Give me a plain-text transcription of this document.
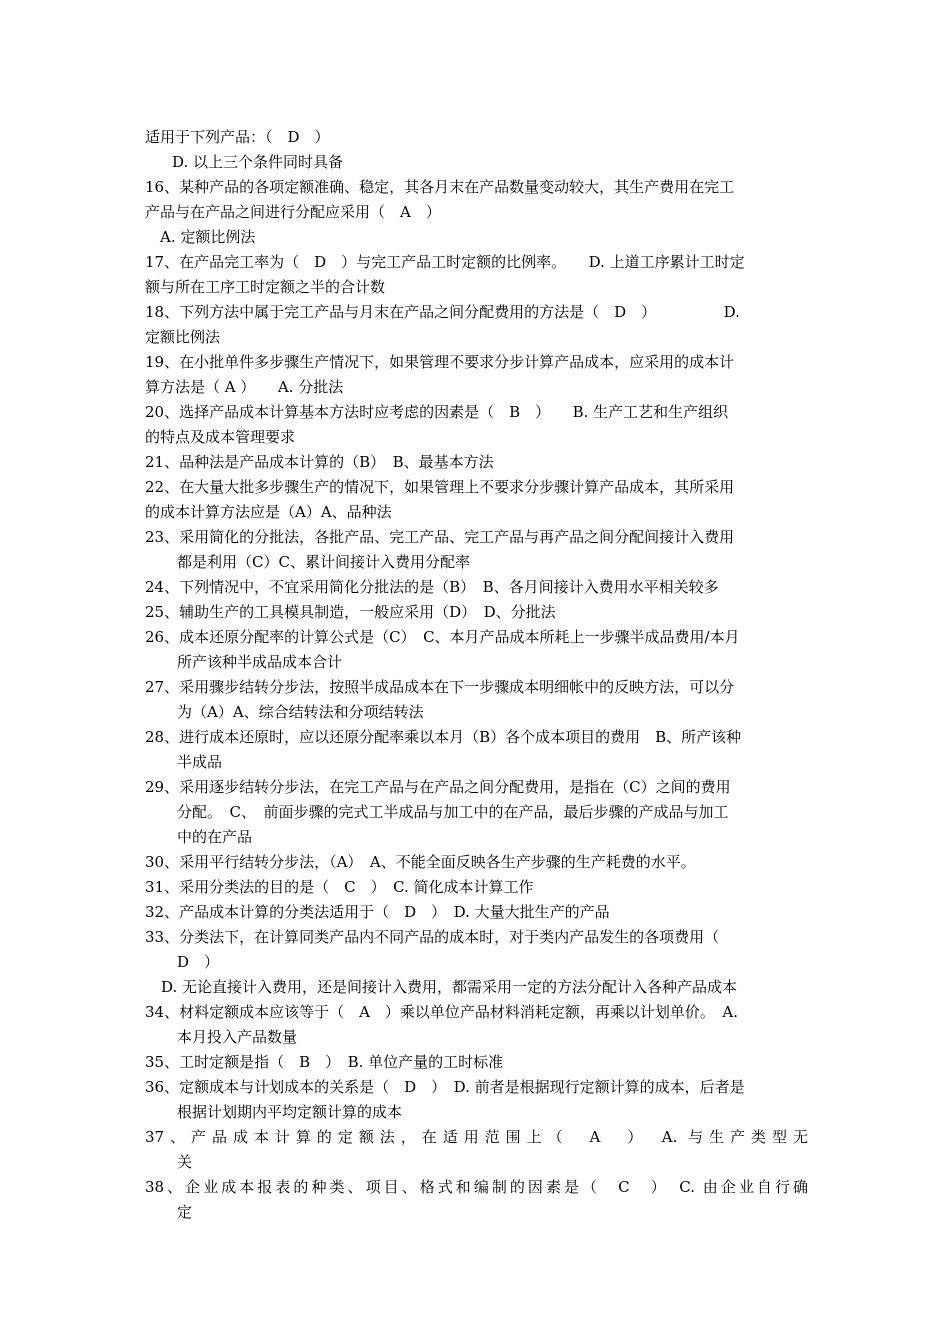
适用于下列产品：（　D　）
D. 以上三个条件同时具备
16、某种产品的各项定额准确、稳定，其各月末在产品数量变动较大，其生产费用在完工
产品与在产品之间进行分配应采用（　A　）
A. 定额比例法
17、在产品完工率为（　D　）与完工产品工时定额的比例率。　　D. 上道工序累计工时定
额与所在工序工时定额之半的合计数
18、下列方法中属于完工产品与月末在产品之间分配费用的方法是（　D　）　　　　　D.
定额比例法
19、在小批单件多步骤生产情况下，如果管理不要求分步计算产品成本，应采用的成本计
算方法是（ A ）　　A. 分批法
20、选择产品成本计算基本方法时应考虑的因素是（　B　）　　B. 生产工艺和生产组织
的特点及成本管理要求
21、品种法是产品成本计算的（B）　B、最基本方法
22、在大量大批多步骤生产的情况下，如果管理上不要求分步骤计算产品成本，其所采用
的成本计算方法应是（A）A、品种法
23、采用简化的分批法，各批产品、完工产品、完工产品与再产品之间分配间接计入费用
都是利用（C）C、累计间接计入费用分配率
24、下列情况中，不宜采用简化分批法的是（B）　B、各月间接计入费用水平相关较多
25、辅助生产的工具模具制造，一般应采用（D）　D、分批法
26、成本还原分配率的计算公式是（C）　C、本月产品成本所耗上一步骤半成品费用/本月
所产该种半成品成本合计
27、采用骤步结转分步法，按照半成品成本在下一步骤成本明细帐中的反映方法，可以分
为（A）A、综合结转法和分项结转法
28、进行成本还原时，应以还原分配率乘以本月（B）各个成本项目的费用　B、所产该种
半成品
29、采用逐步结转分步法，在完工产品与在产品之间分配费用，是指在（C）之间的费用
分配。　C、　前面步骤的完式工半成品与加工中的在产品，最后步骤的产成品与加工
中的在产品
30、采用平行结转分步法，（A）　A、不能全面反映各生产步骤的生产耗费的水平。
31、采用分类法的目的是（　C　）　C. 简化成本计算工作
32、产品成本计算的分类法适用于（　D　）　D. 大量大批生产的产品
33、分类法下，在计算同类产品内不同产品的成本时，对于类内产品发生的各项费用（
D　）
D. 无论直接计入费用，还是间接计入费用，都需采用一定的方法分配计入各种产品成本
34、材料定额成本应该等于（　A　）乘以单位产品材料消耗定额，再乘以计划单价。　A.
本月投入产品数量
35、工时定额是指（　B　）　B. 单位产量的工时标准
36、定额成本与计划成本的关系是（　D　）　D. 前者是根据现行定额计算的成本，后者是
根据计划期内平均定额计算的成本
37、产品成本计算的定额法，在适用范围上（　A　）　A. 与生产类型无
关
38、企业成本报表的种类、项目、格式和编制的因素是（　C　）　C. 由企业自行确
定
